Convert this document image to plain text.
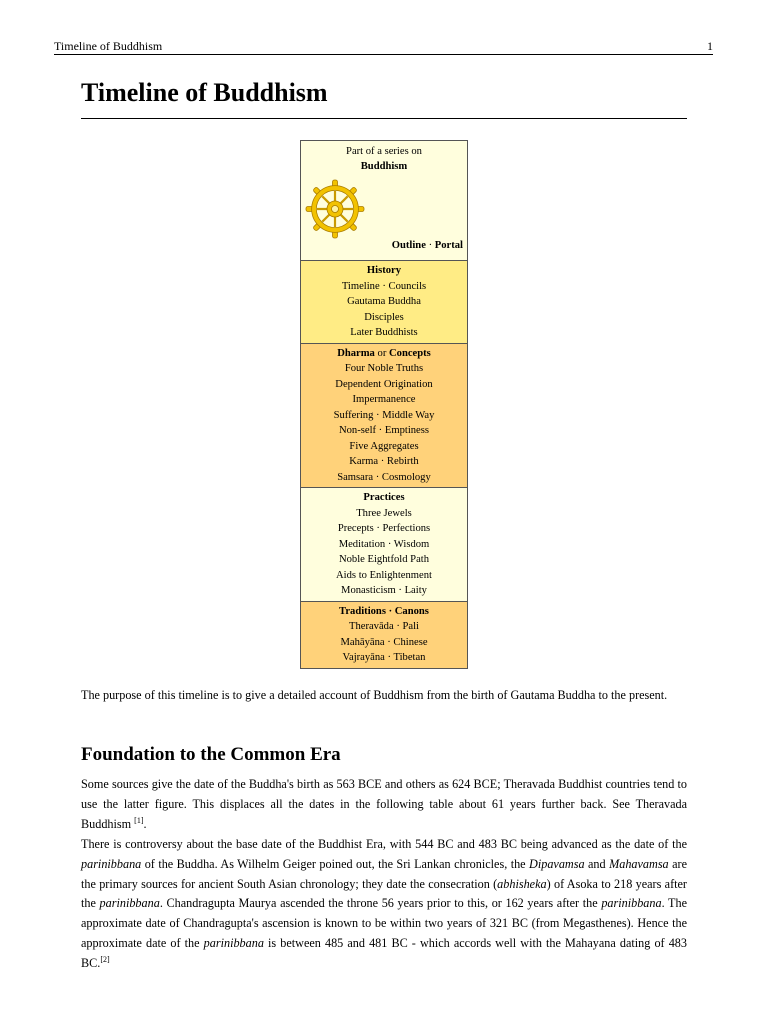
Timeline of Buddhism	1
Timeline of Buddhism
Part of a series on
Buddhism
Outline · Portal
History
Timeline · Councils
Gautama Buddha
Disciples
Later Buddhists
Dharma or Concepts
Four Noble Truths
Dependent Origination
Impermanence
Suffering · Middle Way
Non-self · Emptiness
Five Aggregates
Karma · Rebirth
Samsara · Cosmology
Practices
Three Jewels
Precepts · Perfections
Meditation · Wisdom
Noble Eightfold Path
Aids to Enlightenment
Monasticism · Laity
Traditions · Canons
Theravāda · Pali
Mahāyāna · Chinese
Vajrayāna · Tibetan

The purpose of this timeline is to give a detailed account of Buddhism from the birth of Gautama Buddha to the present.

Foundation to the Common Era

Some sources give the date of the Buddha's birth as 563 BCE and others as 624 BCE; Theravada Buddhist countries tend to use the latter figure. This displaces all the dates in the following table about 61 years further back. See Theravada Buddhism [1].

There is controversy about the base date of the Buddhist Era, with 544 BC and 483 BC being advanced as the date of the parinibbana of the Buddha. As Wilhelm Geiger poined out, the Sri Lankan chronicles, the Dipavamsa and Mahavamsa are the primary sources for ancient South Asian chronology; they date the consecration (abhisheka) of Asoka to 218 years after the parinibbana. Chandragupta Maurya ascended the throne 56 years prior to this, or 162 years after the parinibbana. The approximate date of Chandragupta's ascension is known to be within two years of 321 BC (from Megasthenes). Hence the approximate date of the parinibbana is between 485 and 481 BC - which accords well with the Mahayana dating of 483 BC.[2]
